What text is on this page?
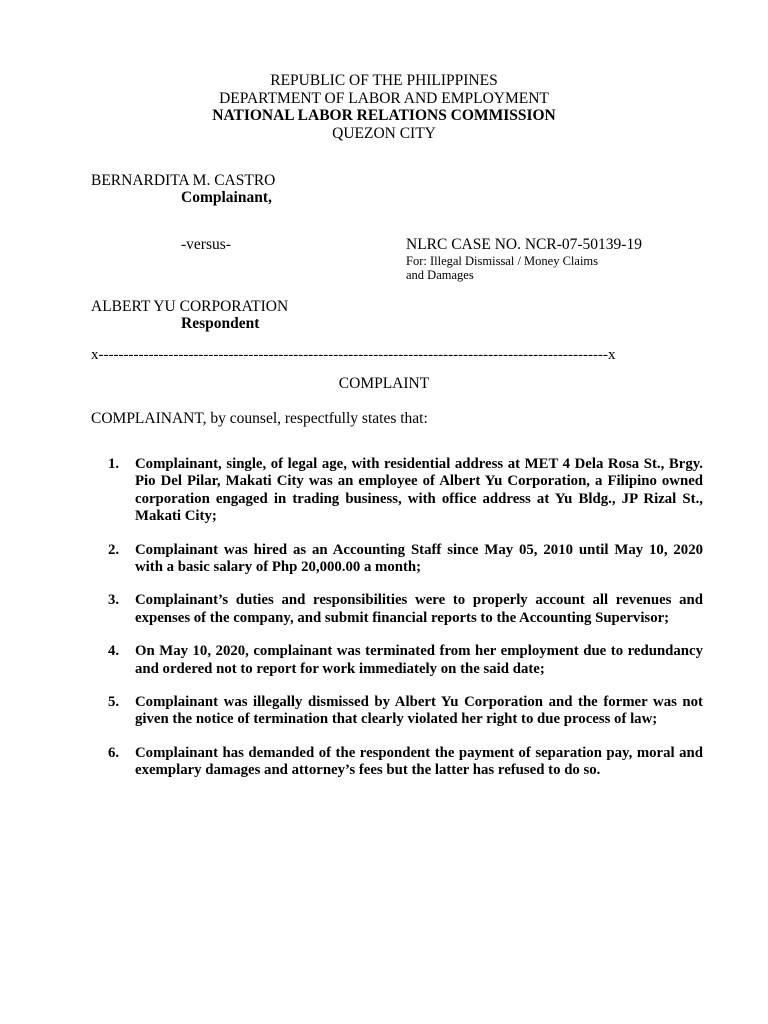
REPUBLIC OF THE PHILIPPINES
DEPARTMENT OF LABOR AND EMPLOYMENT
NATIONAL LABOR RELATIONS COMMISSION
QUEZON CITY
BERNARDITA M. CASTRO
Complainant,
-versus-	NLRC CASE NO. NCR-07-50139-19
For: Illegal Dismissal / Money Claims
and Damages
ALBERT YU CORPORATION
Respondent
x------------------------------------------------------------------------------------------------------x
COMPLAINT
COMPLAINANT, by counsel, respectfully states that:
1. Complainant, single, of legal age, with residential address at MET 4 Dela Rosa St., Brgy. Pio Del Pilar, Makati City was an employee of Albert Yu Corporation, a Filipino owned corporation engaged in trading business, with office address at Yu Bldg., JP Rizal St., Makati City;
2. Complainant was hired as an Accounting Staff since May 05, 2010 until May 10, 2020 with a basic salary of Php 20,000.00 a month;
3. Complainant’s duties and responsibilities were to properly account all revenues and expenses of the company, and submit financial reports to the Accounting Supervisor;
4. On May 10, 2020, complainant was terminated from her employment due to redundancy and ordered not to report for work immediately on the said date;
5. Complainant was illegally dismissed by Albert Yu Corporation and the former was not given the notice of termination that clearly violated her right to due process of law;
6. Complainant has demanded of the respondent the payment of separation pay, moral and exemplary damages and attorney’s fees but the latter has refused to do so.
